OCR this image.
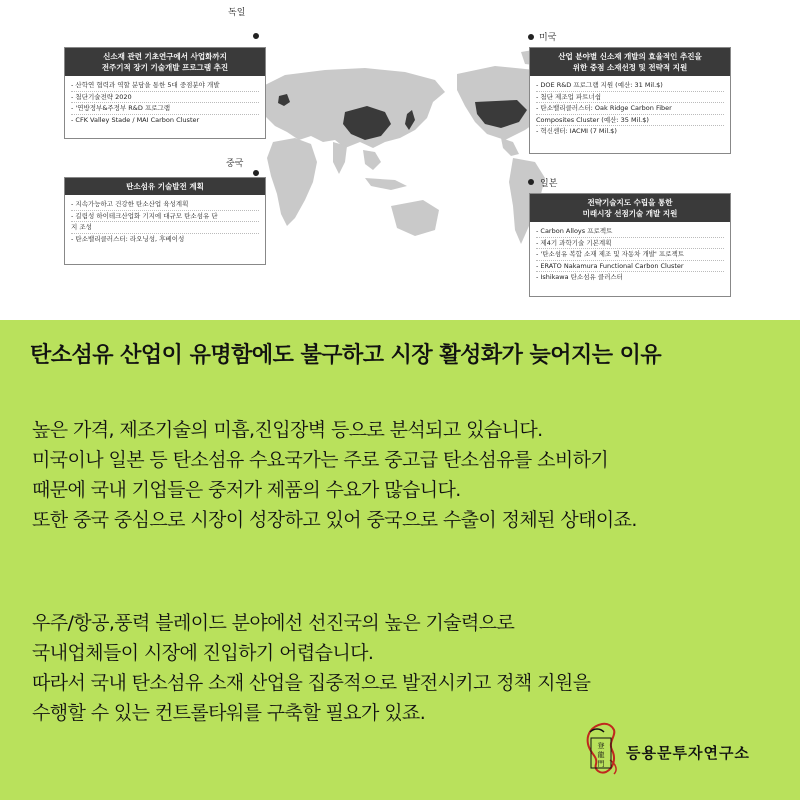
독일
미국
중국
일본
신소재 관련 기초연구에서 사업화까지
전주기적 장기 기술개발 프로그램 추진
- 산학연 협력과 역할 분담을 통한 5대 중점분야 개발
- 첨단기술전략 2020
- '연방정부&주정부 R&D 프로그램
- CFK Valley Stade / MAI Carbon Cluster
산업 분야별 신소재 개발의 효율적인 추진을
위한 중점 소재선정 및 전략적 지원
- DOE R&D 프로그램 지원 (예산: 31 Mil.$)
- 첨단 제조업 파트너쉽
- 탄소밸리클러스터: Oak Ridge Carbon Fiber
Composites Cluster (예산: 35 Mil.$)
- 혁신센터: IACMI (7 Mil.$)
탄소섬유 기술발전 계획
- 지속가능하고 건강한 탄소산업 육성계획
- 길림성 하이테크산업화 기지에 대규모 탄소섬유 단
지 조성
- 탄소밸리클러스터: 라오닝성, 후베이성
전략기술지도 수립을 통한
미래시장 선점기술 개발 지원
- Carbon Alloys 프로젝트
- 제4기 과학기술 기본계획
- '탄소섬유 복합 소재 제조 및 자동차 개발' 프로젝트
- ERATO Nakamura Functional Carbon Cluster
- Ishikawa 탄소섬유 클러스터
탄소섬유 산업이 유명함에도 불구하고 시장 활성화가 늦어지는 이유
높은 가격, 제조기술의 미흡,진입장벽 등으로 분석되고 있습니다.
미국이나 일본 등 탄소섬유 수요국가는 주로 중고급 탄소섬유를 소비하기
때문에 국내 기업들은 중저가 제품의 수요가 많습니다.
또한 중국 중심으로 시장이 성장하고 있어 중국으로 수출이 정체된 상태이죠.
우주/항공,풍력 블레이드 분야에선 선진국의 높은 기술력으로
국내업체들이 시장에 진입하기 어렵습니다.
따라서 국내 탄소섬유 소재 산업을 집중적으로 발전시키고 정책 지원을
수행할 수 있는 컨트롤타워를 구축할 필요가 있죠.
登
龍
門
등용문투자연구소
